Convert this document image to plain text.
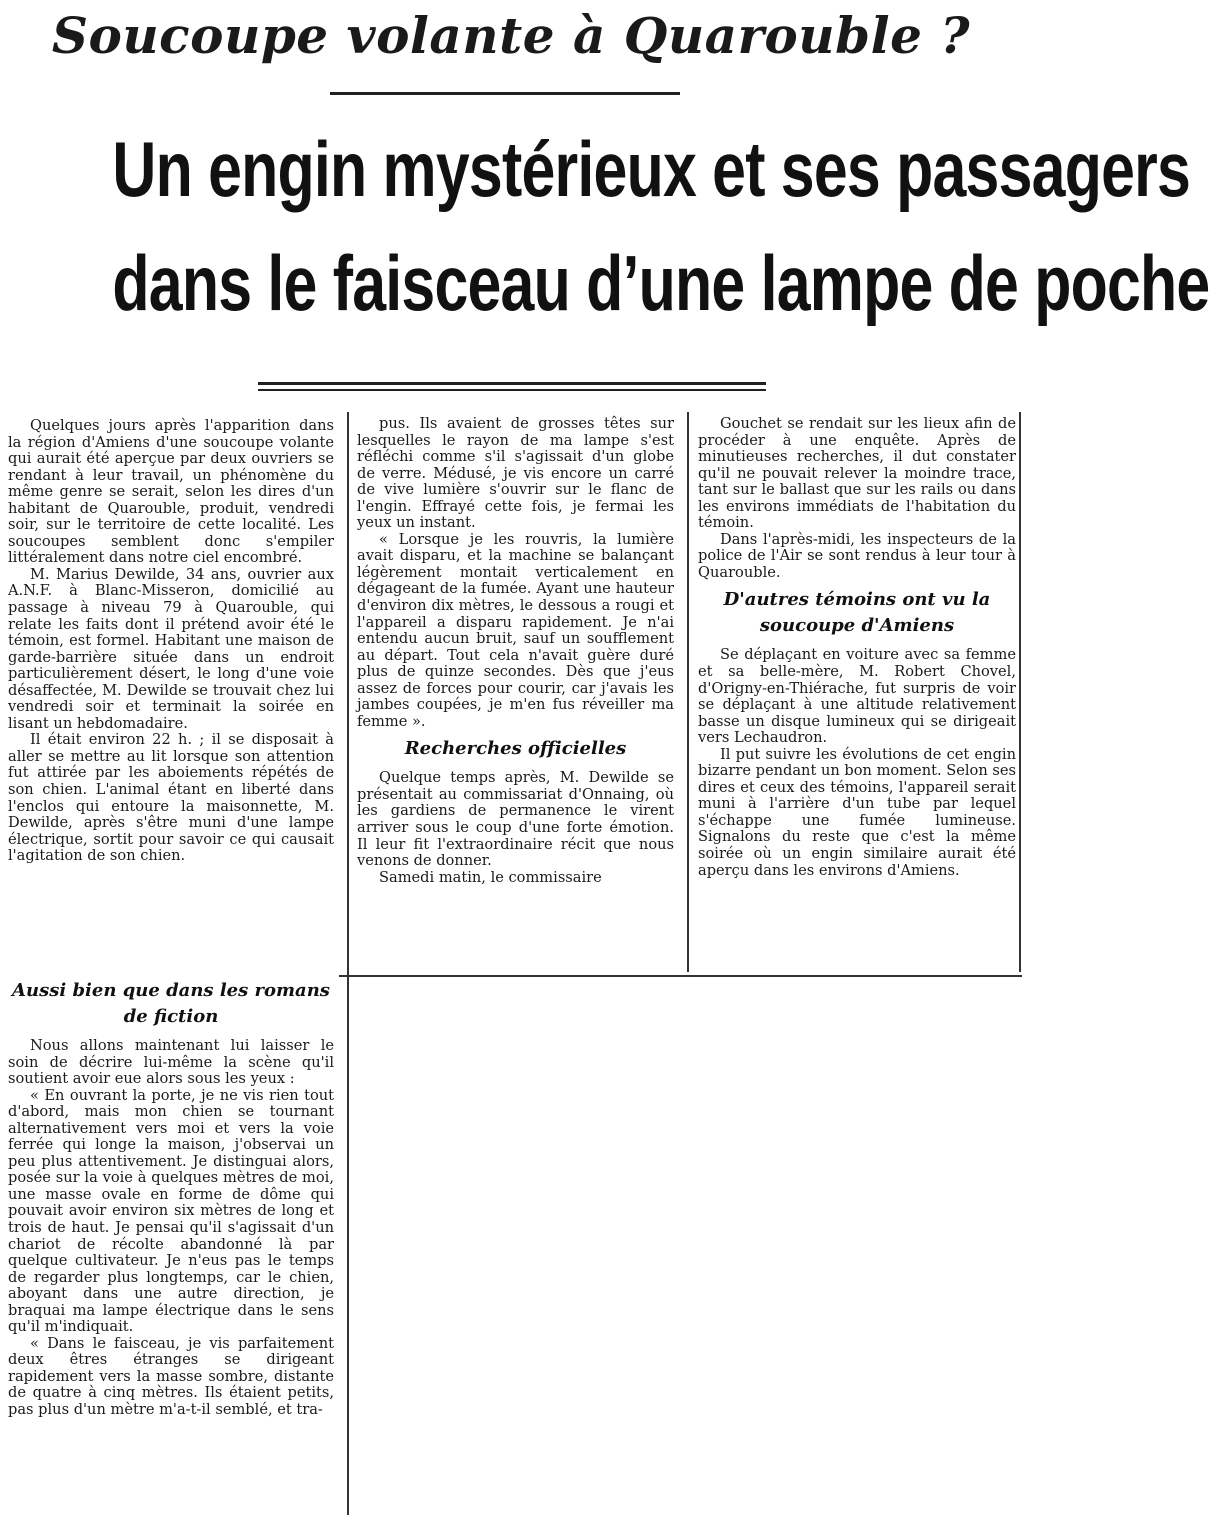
Soucoupe volante à Quarouble ?
Un engin mystérieux et ses passagers
dans le faisceau d’une lampe de poche

Quelques jours après l'apparition dans la région d'Amiens d'une soucoupe volante qui aurait été aperçue par deux ouvriers se rendant à leur travail, un phénomène du même genre se serait, selon les dires d'un habitant de Quarouble, produit, vendredi soir, sur le territoire de cette localité. Les soucoupes semblent donc s'empiler littéralement dans notre ciel encombré.

M. Marius Dewilde, 34 ans, ouvrier aux A.N.F. à Blanc-Misseron, domicilié au passage à niveau 79 à Quarouble, qui relate les faits dont il prétend avoir été le témoin, est formel. Habitant une maison de garde-barrière située dans un endroit particulièrement désert, le long d'une voie désaffectée, M. Dewilde se trouvait chez lui vendredi soir et terminait la soirée en lisant un hebdomadaire.

Il était environ 22 h. ; il se disposait à aller se mettre au lit lorsque son attention fut attirée par les aboiements répétés de son chien. L'animal étant en liberté dans l'enclos qui entoure la maisonnette, M. Dewilde, après s'être muni d'une lampe électrique, sortit pour savoir ce qui causait l'agitation de son chien.

pus. Ils avaient de grosses têtes sur lesquelles le rayon de ma lampe s'est réfléchi comme s'il s'agissait d'un globe de verre. Médusé, je vis encore un carré de vive lumière s'ouvrir sur le flanc de l'engin. Effrayé cette fois, je fermai les yeux un instant.

« Lorsque je les rouvris, la lumière avait disparu, et la machine se balançant légèrement montait verticalement en dégageant de la fumée. Ayant une hauteur d'environ dix mètres, le dessous a rougi et l'appareil a disparu rapidement. Je n'ai entendu aucun bruit, sauf un soufflement au départ. Tout cela n'avait guère duré plus de quinze secondes. Dès que j'eus assez de forces pour courir, car j'avais les jambes coupées, je m'en fus réveiller ma femme ».

Recherches officielles

Quelque temps après, M. Dewilde se présentait au commissariat d'Onnaing, où les gardiens de permanence le virent arriver sous le coup d'une forte émotion. Il leur fit l'extraordinaire récit que nous venons de donner.

Samedi matin, le commissaire

Gouchet se rendait sur les lieux afin de procéder à une enquête. Après de minutieuses recherches, il dut constater qu'il ne pouvait relever la moindre trace, tant sur le ballast que sur les rails ou dans les environs immédiats de l'habitation du témoin.

Dans l'après-midi, les inspecteurs de la police de l'Air se sont rendus à leur tour à Quarouble.

D'autres témoins ont vu la soucoupe d'Amiens

Se déplaçant en voiture avec sa femme et sa belle-mère, M. Robert Chovel, d'Origny-en-Thiérache, fut surpris de voir se déplaçant à une altitude relativement basse un disque lumineux qui se dirigeait vers Lechaudron.

Il put suivre les évolutions de cet engin bizarre pendant un bon moment. Selon ses dires et ceux des témoins, l'appareil serait muni à l'arrière d'un tube par lequel s'échappe une fumée lumineuse. Signalons du reste que c'est la même soirée où un engin similaire aurait été aperçu dans les environs d'Amiens.

Aussi bien que dans les romans de fiction

Nous allons maintenant lui laisser le soin de décrire lui-même la scène qu'il soutient avoir eue alors sous les yeux :

« En ouvrant la porte, je ne vis rien tout d'abord, mais mon chien se tournant alternativement vers moi et vers la voie ferrée qui longe la maison, j'observai un peu plus attentivement. Je distinguai alors, posée sur la voie à quelques mètres de moi, une masse ovale en forme de dôme qui pouvait avoir environ six mètres de long et trois de haut. Je pensai qu'il s'agissait d'un chariot de récolte abandonné là par quelque cultivateur. Je n'eus pas le temps de regarder plus longtemps, car le chien, aboyant dans une autre direction, je braquai ma lampe électrique dans le sens qu'il m'indiquait.

« Dans le faisceau, je vis parfaitement deux êtres étranges se dirigeant rapidement vers la masse sombre, distante de quatre à cinq mètres. Ils étaient petits, pas plus d'un mètre m'a-t-il semblé, et tra-
